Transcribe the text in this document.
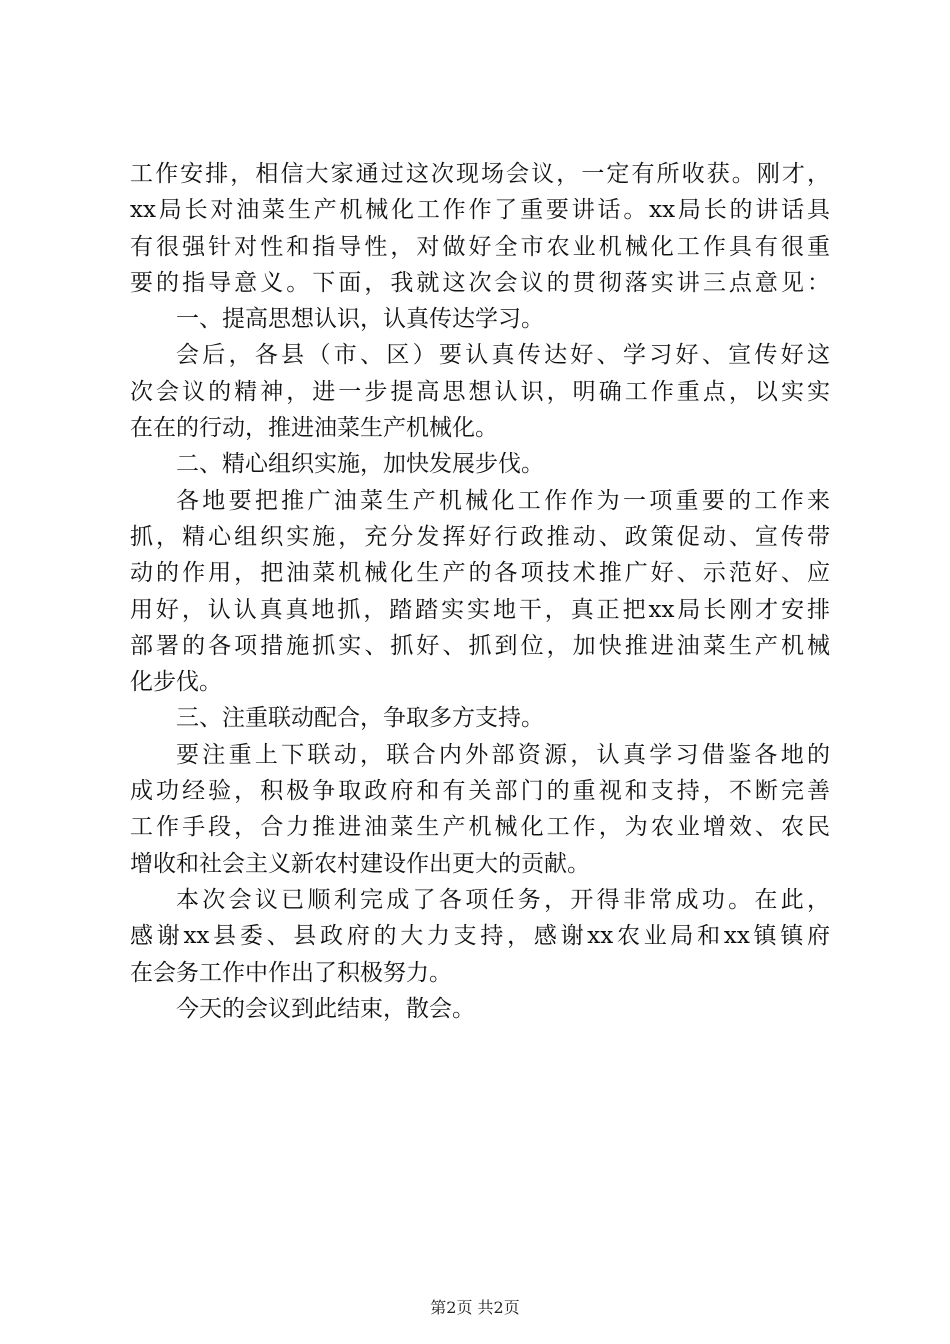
工作安排，相信大家通过这次现场会议，一定有所收获。刚才，
xx局长对油菜生产机械化工作作了重要讲话。xx局长的讲话具
有很强针对性和指导性，对做好全市农业机械化工作具有很重
要的指导意义。下面，我就这次会议的贯彻落实讲三点意见：
一、提高思想认识，认真传达学习。
会后，各县（市、区）要认真传达好、学习好、宣传好这
次会议的精神，进一步提高思想认识，明确工作重点，以实实
在在的行动，推进油菜生产机械化。
二、精心组织实施，加快发展步伐。
各地要把推广油菜生产机械化工作作为一项重要的工作来
抓，精心组织实施，充分发挥好行政推动、政策促动、宣传带
动的作用，把油菜机械化生产的各项技术推广好、示范好、应
用好，认认真真地抓，踏踏实实地干，真正把xx局长刚才安排
部署的各项措施抓实、抓好、抓到位，加快推进油菜生产机械
化步伐。
三、注重联动配合，争取多方支持。
要注重上下联动，联合内外部资源，认真学习借鉴各地的
成功经验，积极争取政府和有关部门的重视和支持，不断完善
工作手段，合力推进油菜生产机械化工作，为农业增效、农民
增收和社会主义新农村建设作出更大的贡献。
本次会议已顺利完成了各项任务，开得非常成功。在此，
感谢xx县委、县政府的大力支持，感谢xx农业局和xx镇镇府
在会务工作中作出了积极努力。
今天的会议到此结束，散会。
第2页 共2页
